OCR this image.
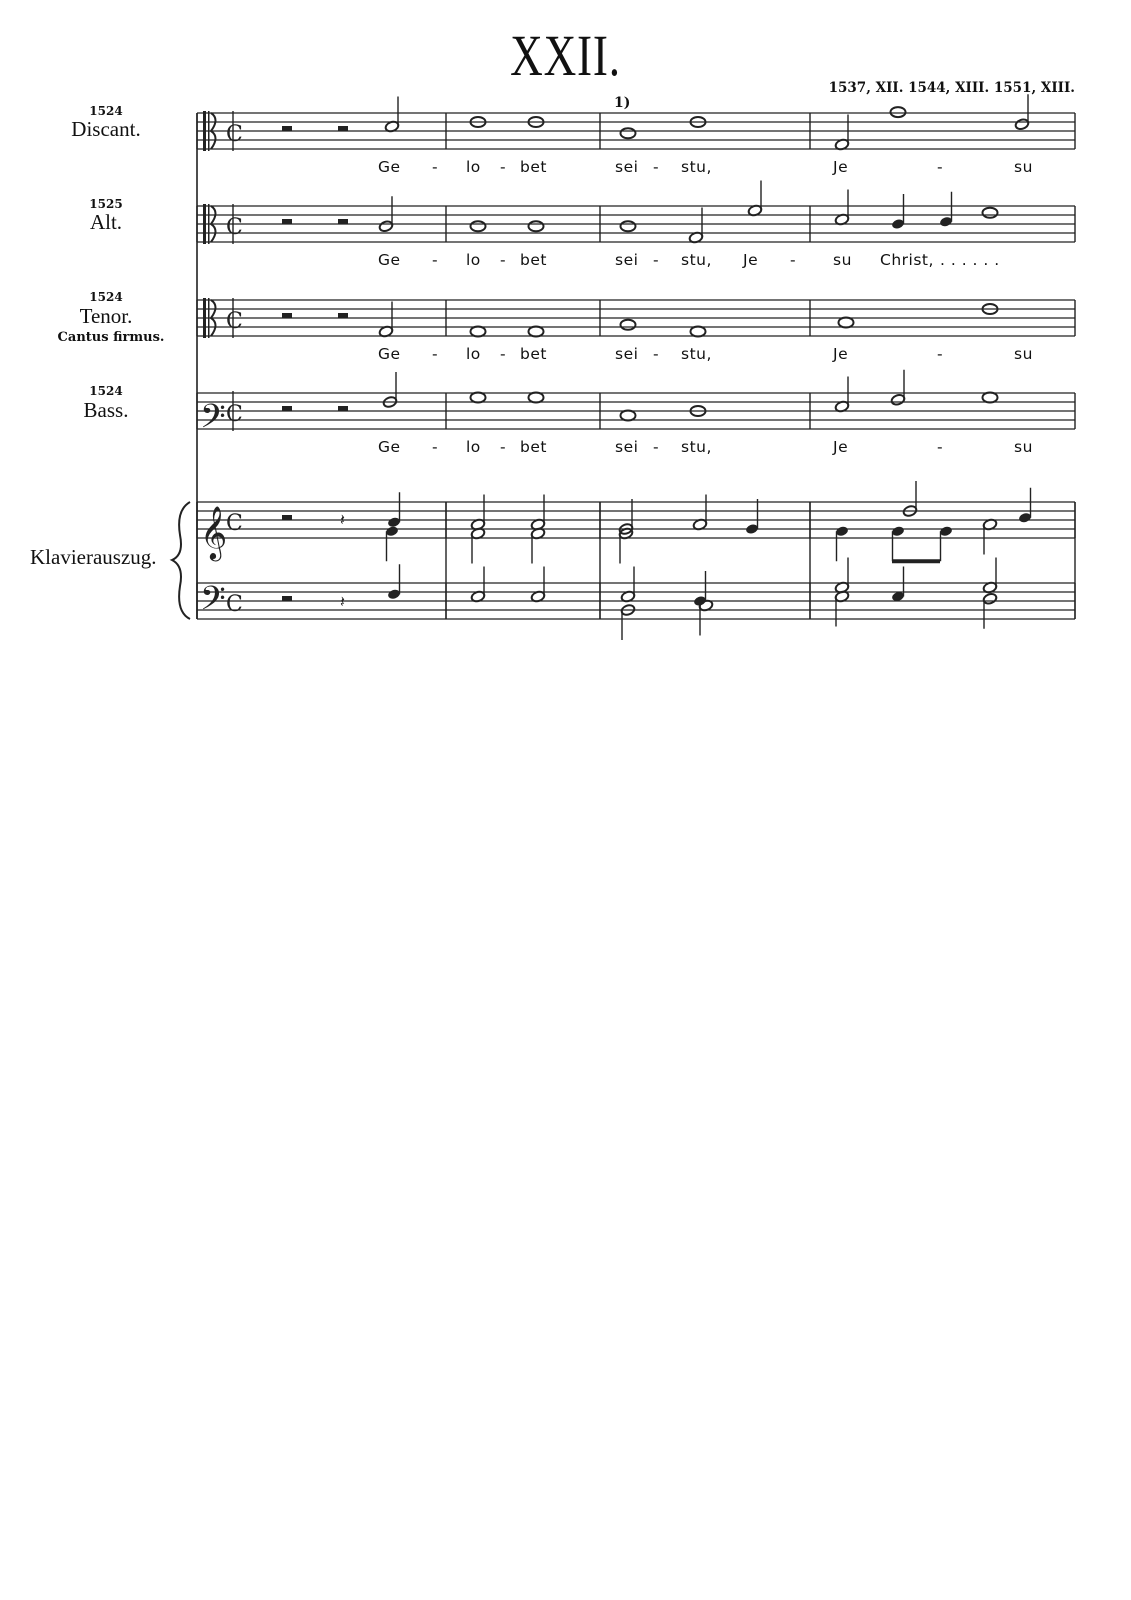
XXII.	1537, XII. 1544, XIII. 1551, XIII.
1524
Discant.
1525
Alt.
1524
Tenor.
Cantus firmus.
1524
Bass.
Klavierauszug.
1)
Ge - lo - bet	sei - stu,	Je	-	su
Ge - lo - bet	sei - stu, Je - su Christ, . . . . . .
Ge - lo - bet	sei - stu,	Je	-	su
Ge - lo - bet	sei - stu,	Je	-	su
𝄢
𝄞
𝄢
C
C
C
C
C
C
𝄽
𝄽
